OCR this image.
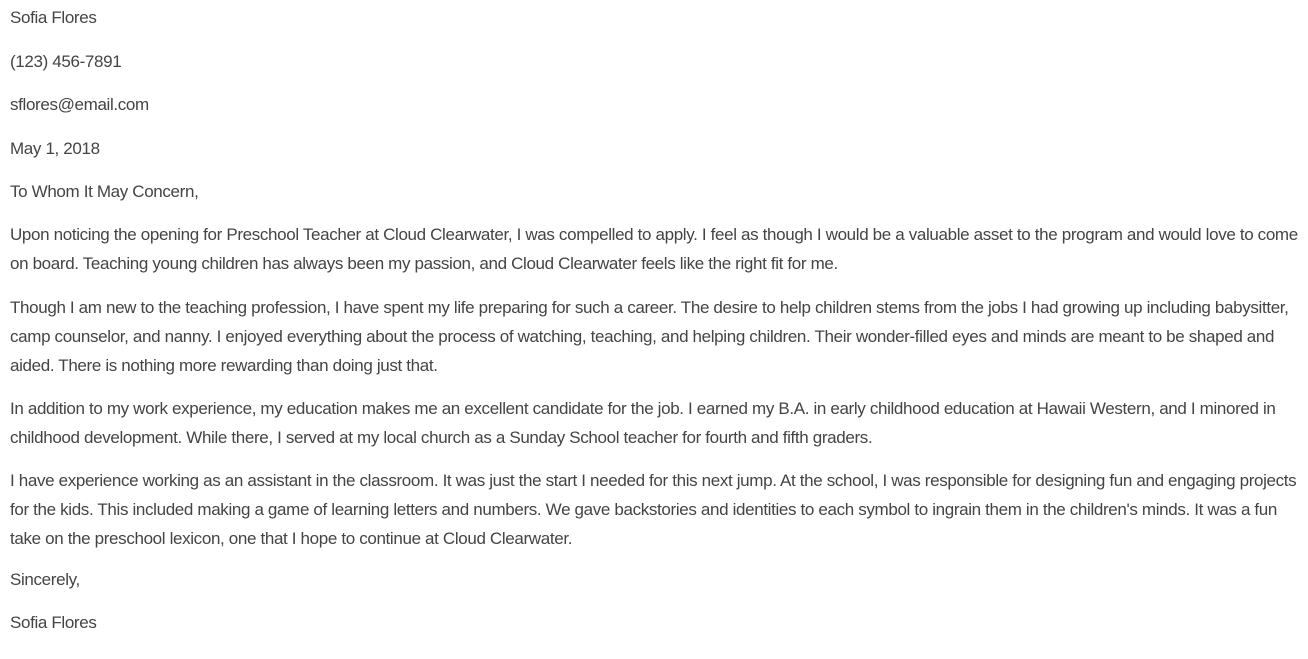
Sofia Flores
(123) 456-7891
sflores@email.com
May 1, 2018
To Whom It May Concern,

Upon noticing the opening for Preschool Teacher at Cloud Clearwater, I was compelled to apply. I feel as though I would be a valuable asset to the program and would love to come on board. Teaching young children has always been my passion, and Cloud Clearwater feels like the right fit for me.

Though I am new to the teaching profession, I have spent my life preparing for such a career. The desire to help children stems from the jobs I had growing up including babysitter, camp counselor, and nanny. I enjoyed everything about the process of watching, teaching, and helping children. Their wonder-filled eyes and minds are meant to be shaped and aided. There is nothing more rewarding than doing just that.

In addition to my work experience, my education makes me an excellent candidate for the job. I earned my B.A. in early childhood education at Hawaii Western, and I minored in childhood development. While there, I served at my local church as a Sunday School teacher for fourth and fifth graders.

I have experience working as an assistant in the classroom. It was just the start I needed for this next jump. At the school, I was responsible for designing fun and engaging projects for the kids. This included making a game of learning letters and numbers. We gave backstories and identities to each symbol to ingrain them in the children's minds. It was a fun take on the preschool lexicon, one that I hope to continue at Cloud Clearwater.

Sincerely,
Sofia Flores
